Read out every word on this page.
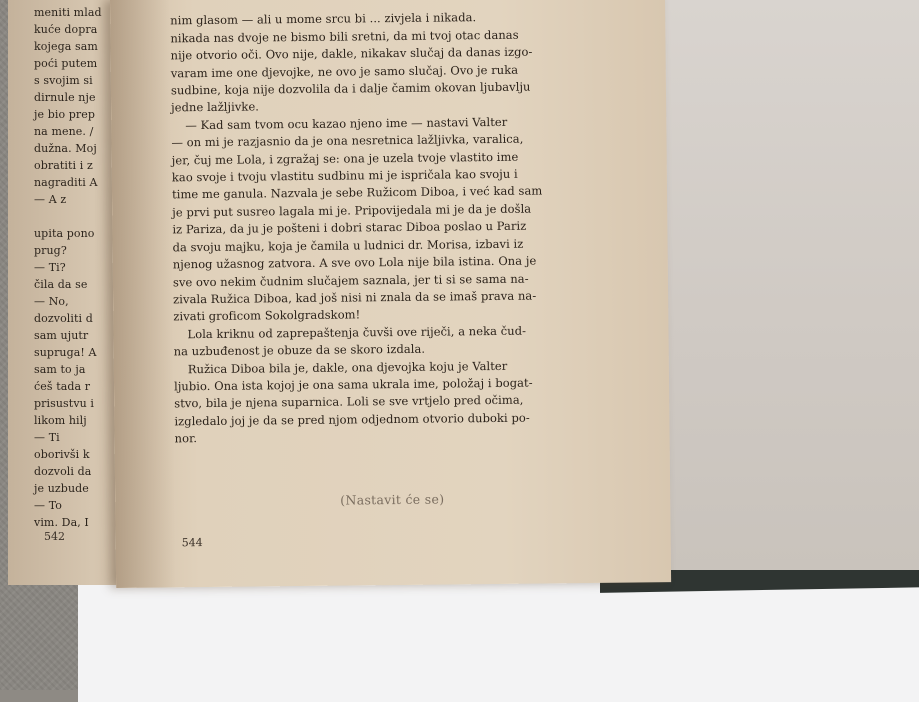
meniti mlad
kuće dopra
kojega sam
poći putem
s svojim si
dirnule nje
je bio prep
na mene. /
dužna. Moj
obratiti i z
nagraditi A
— A z

upita pono
prug?
— Ti?
čila da se
— No,
dozvoliti d
sam ujutr
supruga! A
sam to ja
ćeš tada r
prisustvu i
likom hilj
— Ti
oborivši k
dozvoli da
je uzbude
— To
vim. Da, I
542
nim glasom — ali u mome srcu bi ... zivjela i nikada.
nikada nas dvoje ne bismo bili sretni, da mi tvoj otac danas
nije otvorio oči. Ovo nije, dakle, nikakav slučaj da danas izgo-
varam ime one djevojke, ne ovo je samo slučaj. Ovo je ruka
sudbine, koja nije dozvolila da i dalje čamim okovan ljubavlju
jedne lažljivke.
— Kad sam tvom ocu kazao njeno ime — nastavi Valter
— on mi je razjasnio da je ona nesretnica lažljivka, varalica,
jer, čuj me Lola, i zgražaj se: ona je uzela tvoje vlastito ime
kao svoje i tvoju vlastitu sudbinu mi je ispričala kao svoju i
time me ganula. Nazvala je sebe Ružicom Diboa, i već kad sam
je prvi put susreo lagala mi je. Pripovijedala mi je da je došla
iz Pariza, da ju je pošteni i dobri starac Diboa poslao u Pariz
da svoju majku, koja je čamila u ludnici dr. Morisa, izbavi iz
njenog užasnog zatvora. A sve ovo Lola nije bila istina. Ona je
sve ovo nekim čudnim slučajem saznala, jer ti si se sama na-
zivala Ružica Diboa, kad još nisi ni znala da se imaš prava na-
zivati groficom Sokolgradskom!
Lola kriknu od zaprepaštenja čuvši ove riječi, a neka čud-
na uzbuđenost je obuze da se skoro izdala.
Ružica Diboa bila je, dakle, ona djevojka koju je Valter
ljubio. Ona ista kojoj je ona sama ukrala ime, položaj i bogat-
stvo, bila je njena suparnica. Loli se sve vrtjelo pred očima,
izgledalo joj je da se pred njom odjednom otvorio duboki po-
nor.
(Nastavit će se)
544
